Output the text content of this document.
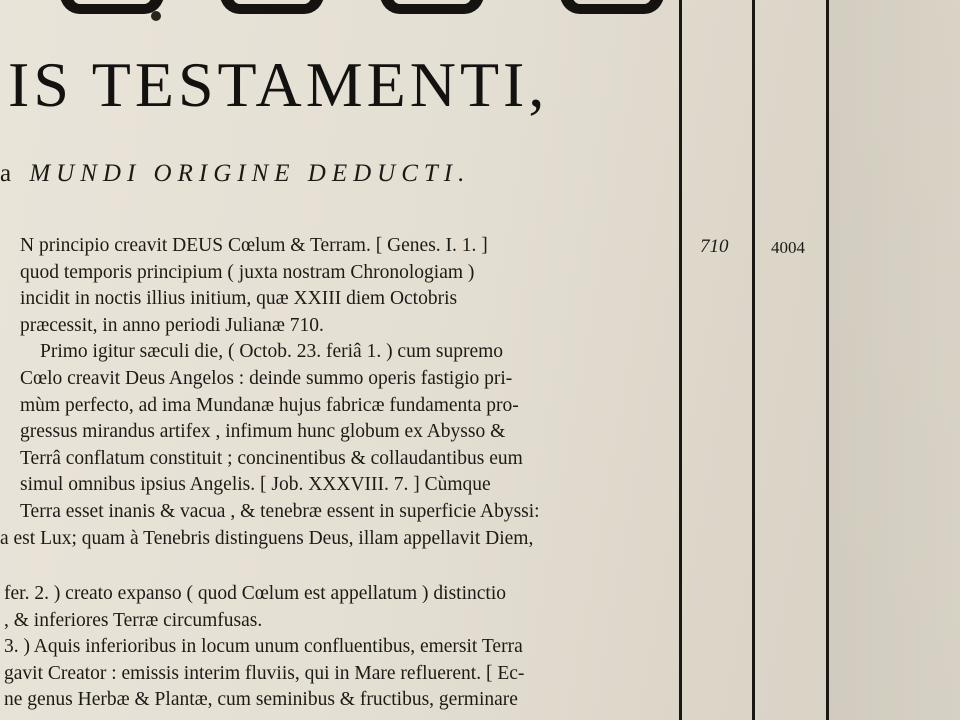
IS TESTAMENTI,

a MUNDI ORIGINE DEDUCTI.

710	4004

N principio creavit DEUS Cœlum & Terram. [ Genes. I. 1. ]
quod temporis principium ( juxta nostram Chronologiam )
incidit in noctis illius initium, quæ XXIII diem Octobris
præcessit, in anno periodi Julianæ 710.
Primo igitur sæculi die, ( Octob. 23. feriâ 1. ) cum supremo
Cœlo creavit Deus Angelos : deinde summo operis fastigio pri-
mùm perfecto, ad ima Mundanæ hujus fabricæ fundamenta pro-
gressus mirandus artifex , infimum hunc globum ex Abysso &
Terrâ conflatum constituit ; concinentibus & collaudantibus eum
simul omnibus ipsius Angelis. [ Job. XXXVIII. 7. ] Cùmque
Terra esset inanis & vacua , & tenebræ essent in superficie Abyssi:
a est Lux; quam à Tenebris distinguens Deus, illam appellavit Diem,
fer. 2. ) creato expanso ( quod Cœlum est appellatum ) distinctio
, & inferiores Terræ circumfusas.
3. ) Aquis inferioribus in locum unum confluentibus, emersit Terra
gavit Creator : emissis interim fluviis, qui in Mare refluerent. [ Ec-
ne genus Herbæ & Plantæ, cum seminibus & fructibus, germinare
